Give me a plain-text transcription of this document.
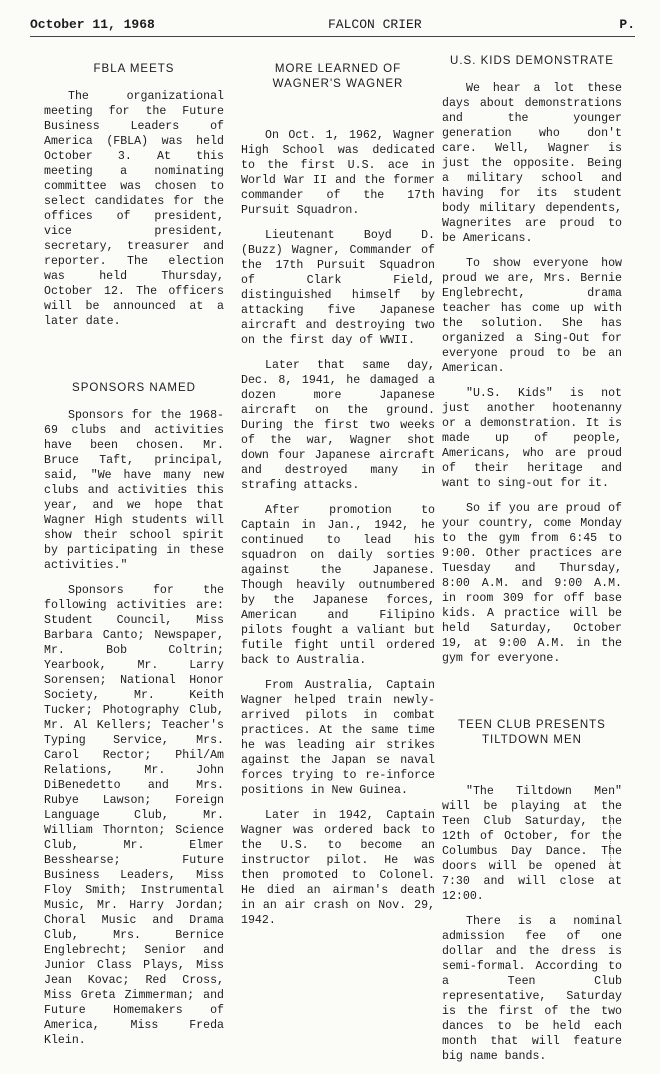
October 11, 1968	FALCON CRIER	P.
FBLA MEETS

The organizational meeting for the Future Business Leaders of America (FBLA) was held October 3. At this meeting a nominating committee was chosen to select candidates for the offices of president, vice president, secretary, treasurer and reporter. The election was held Thursday, October 12. The officers will be announced at a later date.

SPONSORS NAMED

Sponsors for the 1968-69 clubs and activities have been chosen. Mr. Bruce Taft, principal, said, "We have many new clubs and activities this year, and we hope that Wagner High students will show their school spirit by participating in these activities."

Sponsors for the following activities are: Student Council, Miss Barbara Canto; Newspaper, Mr. Bob Coltrin; Yearbook, Mr. Larry Sorensen; National Honor Society, Mr. Keith Tucker; Photography Club, Mr. Al Kellers; Teacher's Typing Service, Mrs. Carol Rector; Phil/Am Relations, Mr. John DiBenedetto and Mrs. Rubye Lawson; Foreign Language Club, Mr. William Thornton; Science Club, Mr. Elmer Besshearse; Future Business Leaders, Miss Floy Smith; Instrumental Music, Mr. Harry Jordan; Choral Music and Drama Club, Mrs. Bernice Englebrecht; Senior and Junior Class Plays, Miss Jean Kovac; Red Cross, Miss Greta Zimmerman; and Future Homemakers of America, Miss Freda Klein.

MORE LEARNED OF
WAGNER'S WAGNER

On Oct. 1, 1962, Wagner High School was dedicated to the first U.S. ace in World War II and the former commander of the 17th Pursuit Squadron.

Lieutenant Boyd D. (Buzz) Wagner, Commander of the 17th Pursuit Squadron of Clark Field, distinguished himself by attacking five Japanese aircraft and destroying two on the first day of WWII.

Later that same day, Dec. 8, 1941, he damaged a dozen more Japanese aircraft on the ground. During the first two weeks of the war, Wagner shot down four Japanese aircraft and destroyed many in strafing attacks.

After promotion to Captain in Jan., 1942, he continued to lead his squadron on daily sorties against the Japanese. Though heavily outnumbered by the Japanese forces, American and Filipino pilots fought a valiant but futile fight until ordered back to Australia.

From Australia, Captain Wagner helped train newly-arrived pilots in combat practices. At the same time he was leading air strikes against the Japan se naval forces trying to re-inforce positions in New Guinea.

Later in 1942, Captain Wagner was ordered back to the U.S. to become an instructor pilot. He was then promoted to Colonel. He died an airman's death in an air crash on Nov. 29, 1942.

U.S. KIDS DEMONSTRATE

We hear a lot these days about demonstrations and the younger generation who don't care. Well, Wagner is just the opposite. Being a military school and having for its student body military dependents, Wagnerites are proud to be Americans.

To show everyone how proud we are, Mrs. Bernie Englebrecht, drama teacher has come up with the solution. She has organized a Sing-Out for everyone proud to be an American.

"U.S. Kids" is not just another hootenanny or a demonstration. It is made up of people, Americans, who are proud of their heritage and want to sing-out for it.

So if you are proud of your country, come Monday to the gym from 6:45 to 9:00. Other practices are Tuesday and Thursday, 8:00 A.M. and 9:00 A.M. in room 309 for off base kids. A practice will be held Saturday, October 19, at 9:00 A.M. in the gym for everyone.

TEEN CLUB PRESENTS
TILTDOWN MEN

"The Tiltdown Men" will be playing at the Teen Club Saturday, the 12th of October, for the Columbus Day Dance. The doors will be opened at 7:30 and will close at 12:00.

There is a nominal admission fee of one dollar and the dress is semi-formal. According to a Teen Club representative, Saturday is the first of the two dances to be held each month that will feature big name bands.
